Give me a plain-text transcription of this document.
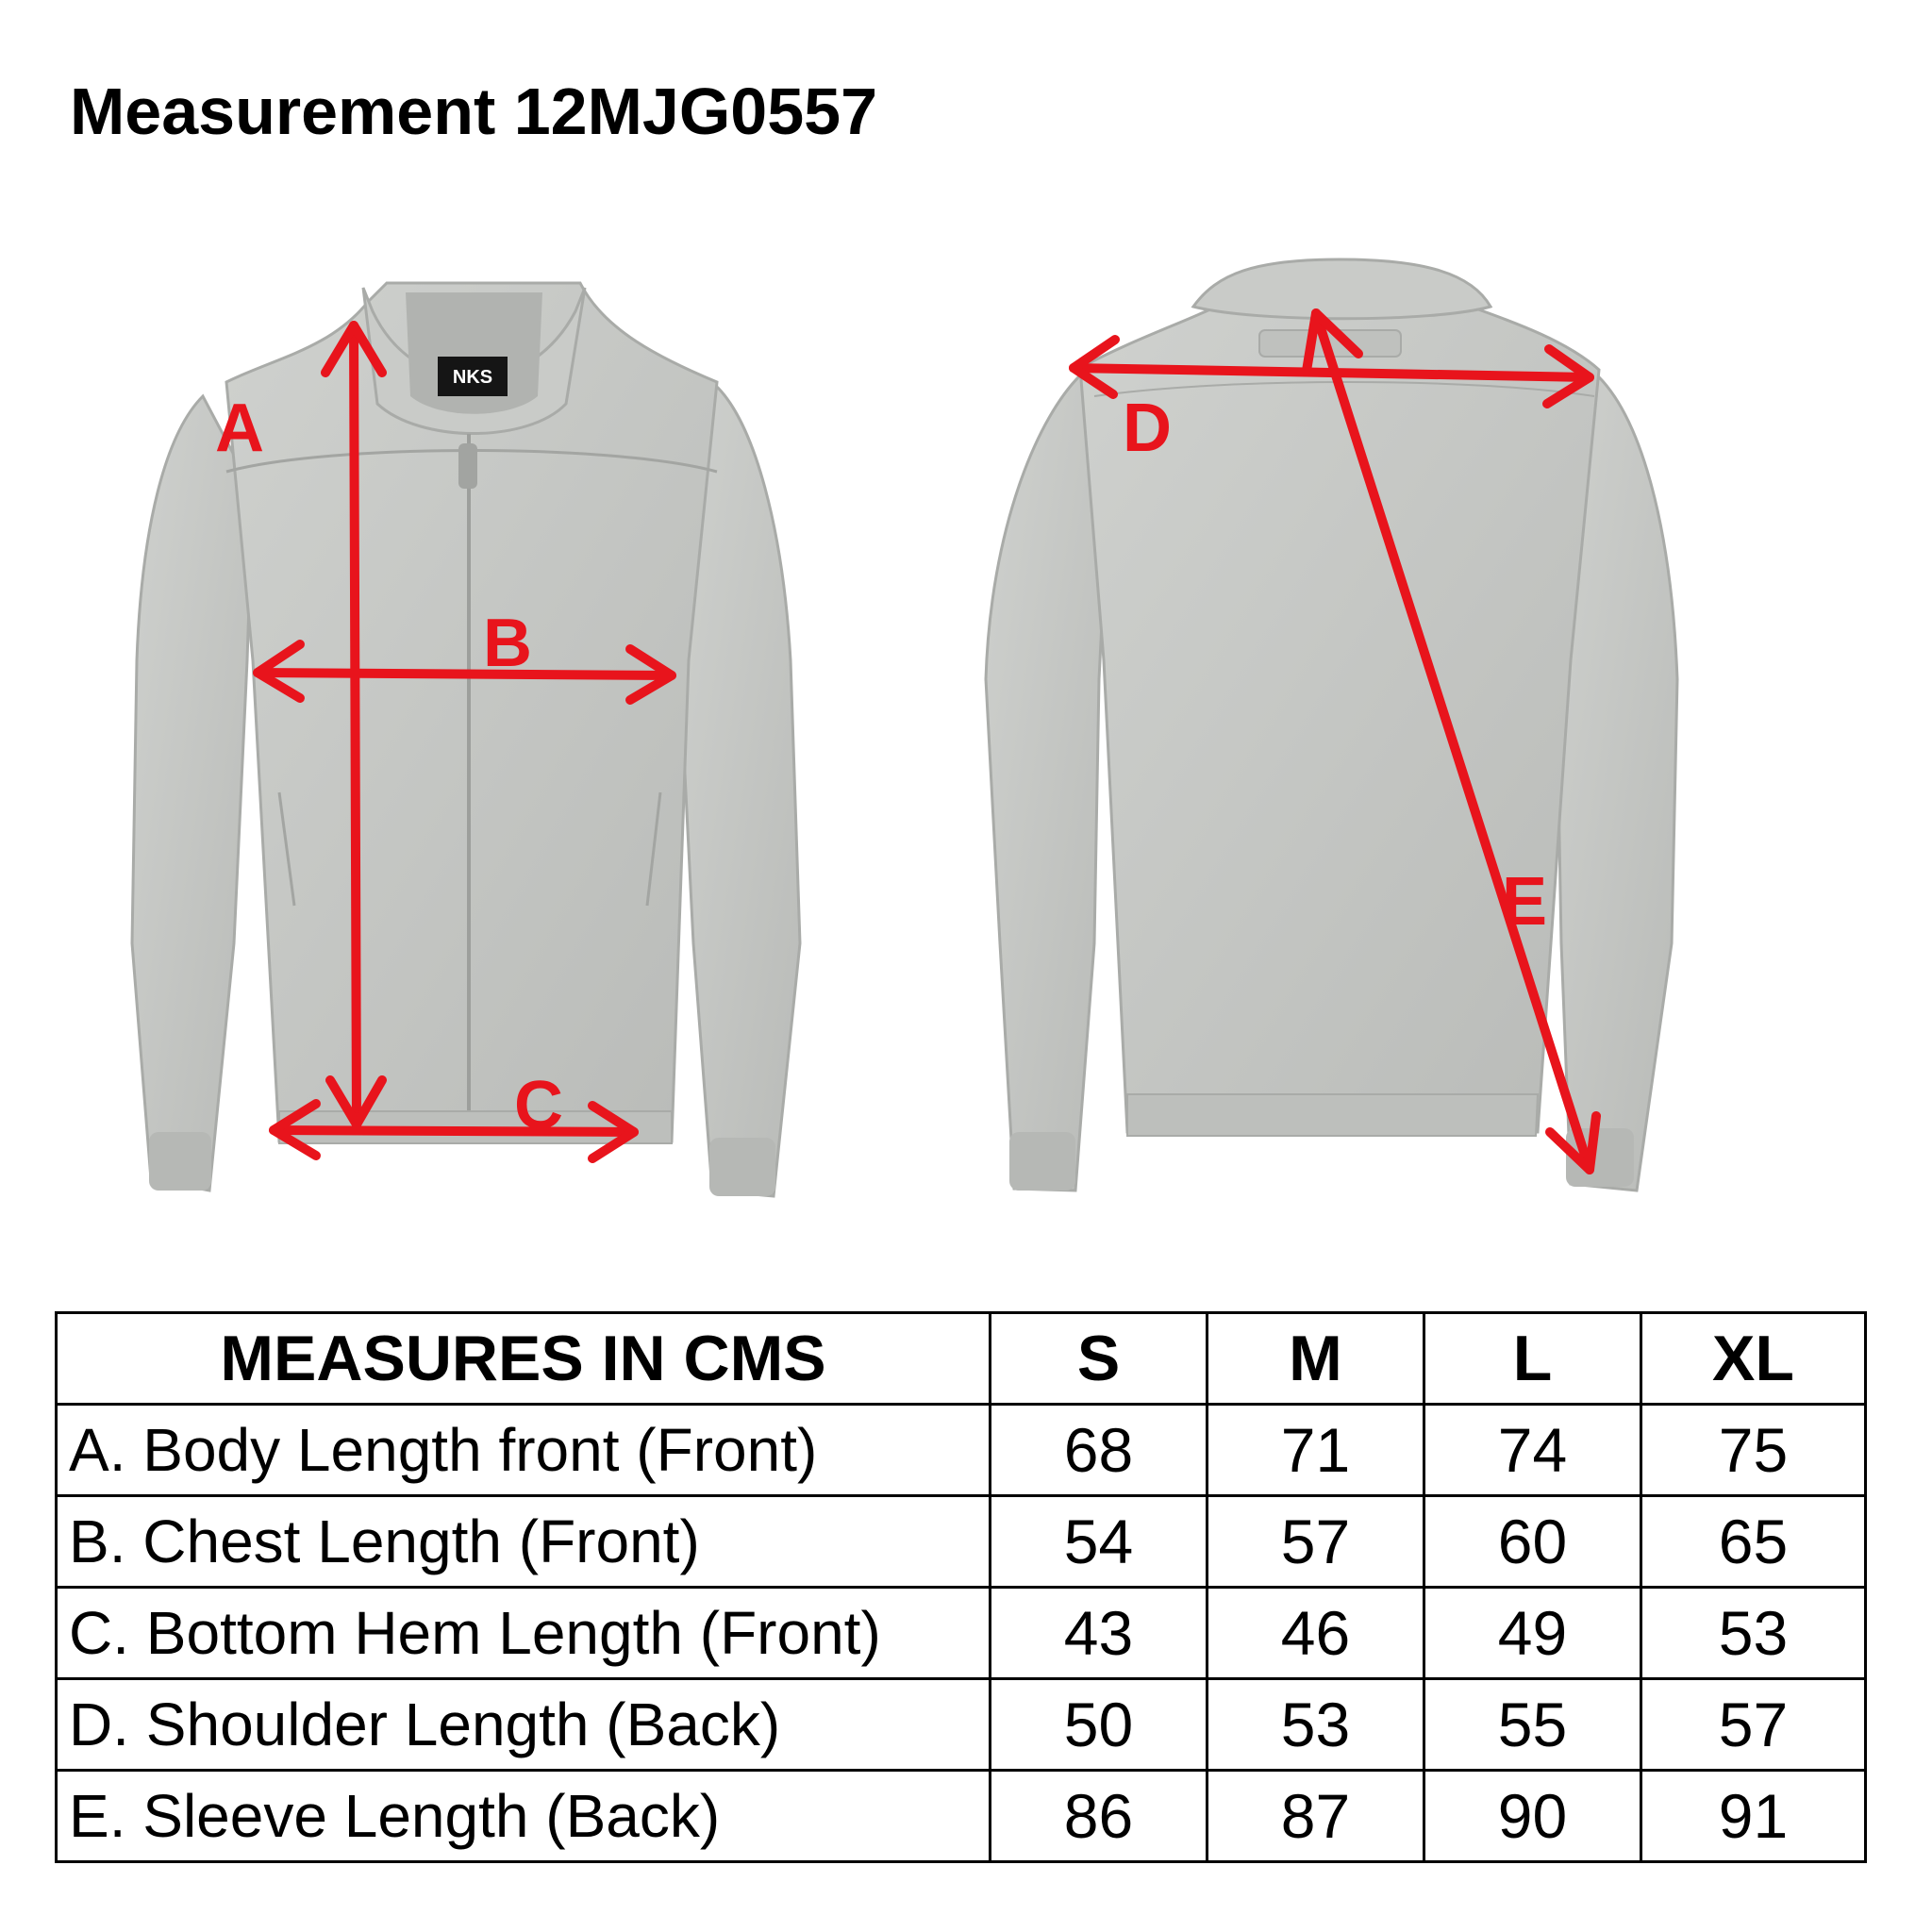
Measurement 12MJG0557
NKS
A
B
C
D
E
MEASURES IN CMS	S	M	L	XL
A. Body Length front (Front)	68	71	74	75
B. Chest Length (Front)	54	57	60	65
C. Bottom Hem Length (Front)	43	46	49	53
D. Shoulder Length (Back)	50	53	55	57
E. Sleeve Length (Back)	86	87	90	91
